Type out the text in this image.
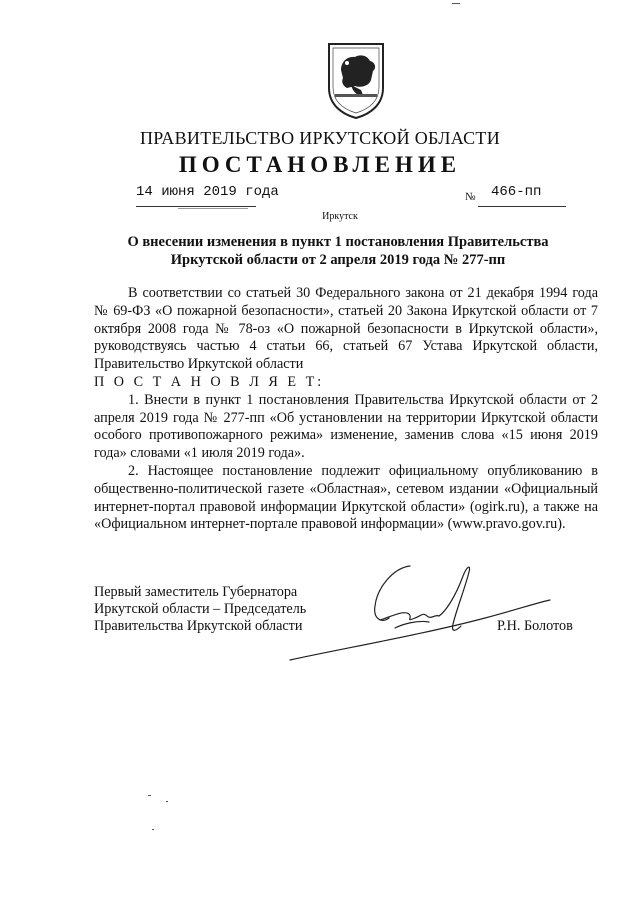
ПРАВИТЕЛЬСТВО ИРКУТСКОЙ ОБЛАСТИ
ПОСТАНОВЛЕНИЕ
14 июня 2019 года	№ 466-пп
Иркутск
О внесении изменения в пункт 1 постановления Правительства Иркутской области от 2 апреля 2019 года № 277-пп

В соответствии со статьей 30 Федерального закона от 21 декабря 1994 года № 69-ФЗ «О пожарной безопасности», статьей 20 Закона Иркутской области от 7 октября 2008 года № 78-оз «О пожарной безопасности в Иркутской области», руководствуясь частью 4 статьи 66, статьей 67 Устава Иркутской области, Правительство Иркутской области

П О С Т А Н О В Л Я Е Т:

1. Внести в пункт 1 постановления Правительства Иркутской области от 2 апреля 2019 года № 277-пп «Об установлении на территории Иркутской области особого противопожарного режима» изменение, заменив слова «15 июня 2019 года» словами «1 июля 2019 года».

2. Настоящее постановление подлежит официальному опубликованию в общественно-политической газете «Областная», сетевом издании «Официальный интернет-портал правовой информации Иркутской области» (ogirk.ru), а также на «Официальном интернет-портале правовой информации» (www.pravo.gov.ru).

Первый заместитель Губернатора
Иркутской области – Председатель
Правительства Иркутской области	Р.Н. Болотов
